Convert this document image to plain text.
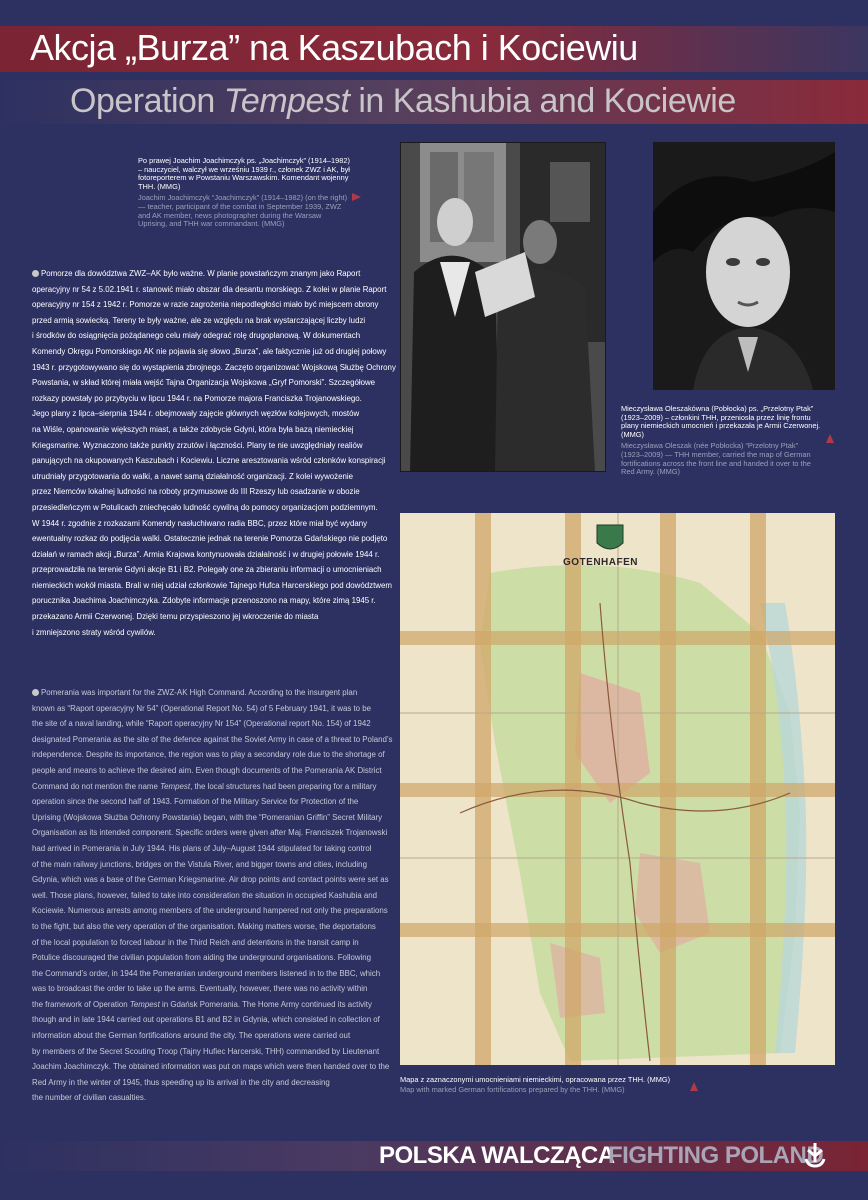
Akcja „Burza” na Kaszubach i Kociewiu
Operation Tempest in Kashubia and Kociewie
Po prawej Joachim Joachimczyk ps. „Joachimczyk” (1914–1982) – nauczyciel, walczył we wrześniu 1939 r., członek ZWZ i AK, był fotoreporterem w Powstaniu Warszawskim. Komendant wojenny THH. (MMG)
Joachim Joachimczyk “Joachimczyk” (1914–1982) (on the right) — teacher, participant of the combat in September 1939, ZWZ and AK member, news photographer during the Warsaw Uprising, and THH war commandant. (MMG)
Mieczysława Oleszakówna (Pobłocka) ps. „Przelotny Ptak” (1923–2009) – członkini THH, przeniosła przez linię frontu plany niemieckich umocnień i przekazała je Armii Czerwonej. (MMG)
Mieczysława Oleszak (née Pobłocka) “Przelotny Ptak” (1923–2009) — THH member, carried the map of German fortifications across the front line and handed it over to the Red Army. (MMG)
Pomorze dla dowództwa ZWZ–AK było ważne. W planie powstańczym znanym jako Raport
operacyjny nr 54 z 5.02.1941 r. stanowić miało obszar dla desantu morskiego. Z kolei w planie Raport
operacyjny nr 154 z 1942 r. Pomorze w razie zagrożenia niepodległości miało być miejscem obrony
przed armią sowiecką. Tereny te były ważne, ale ze względu na brak wystarczającej liczby ludzi
i środków do osiągnięcia pożądanego celu miały odegrać rolę drugoplanową. W dokumentach
Komendy Okręgu Pomorskiego AK nie pojawia się słowo „Burza”, ale faktycznie już od drugiej połowy
1943 r. przygotowywano się do wystąpienia zbrojnego. Zaczęto organizować Wojskową Służbę Ochrony
Powstania, w skład której miała wejść Tajna Organizacja Wojskowa „Gryf Pomorski”. Szczegółowe
rozkazy powstały po przybyciu w lipcu 1944 r. na Pomorze majora Franciszka Trojanowskiego.
Jego plany z lipca–sierpnia 1944 r. obejmowały zajęcie głównych węzłów kolejowych, mostów
na Wiśle, opanowanie większych miast, a także zdobycie Gdyni, która była bazą niemieckiej
Kriegsmarine. Wyznaczono także punkty zrzutów i łączności. Plany te nie uwzględniały realiów
panujących na okupowanych Kaszubach i Kociewiu. Liczne aresztowania wśród członków konspiracji
utrudniały przygotowania do walki, a nawet samą działalność organizacji. Z kolei wywożenie
przez Niemców lokalnej ludności na roboty przymusowe do III Rzeszy lub osadzanie w obozie
przesiedleńczym w Potulicach zniechęcało ludność cywilną do pomocy organizacjom podziemnym.
W 1944 r. zgodnie z rozkazami Komendy nasłuchiwano radia BBC, przez które miał być wydany
ewentualny rozkaz do podjęcia walki. Ostatecznie jednak na terenie Pomorza Gdańskiego nie podjęto
działań w ramach akcji „Burza”. Armia Krajowa kontynuowała działalność i w drugiej połowie 1944 r.
przeprowadziła na terenie Gdyni akcje B1 i B2. Polegały one za zbieraniu informacji o umocnieniach
niemieckich wokół miasta. Brali w niej udział członkowie Tajnego Hufca Harcerskiego pod dowództwem
porucznika Joachima Joachimczyka. Zdobyte informacje przenoszono na mapy, które zimą 1945 r.
przekazano Armii Czerwonej. Dzięki temu przyspieszono jej wkroczenie do miasta
i zmniejszono straty wśród cywilów.
Pomerania was important for the ZWZ-AK High Command. According to the insurgent plan
known as “Raport operacyjny Nr 54” (Operational Report No. 54) of 5 February 1941, it was to be
the site of a naval landing, while “Raport operacyjny Nr 154” (Operational report No. 154) of 1942
designated Pomerania as the site of the defence against the Soviet Army in case of a threat to Poland’s
independence. Despite its importance, the region was to play a secondary role due to the shortage of
people and means to achieve the desired aim. Even though documents of the Pomerania AK District
Command do not mention the name Tempest, the local structures had been preparing for a military
operation since the second half of 1943. Formation of the Military Service for Protection of the
Uprising (Wojskowa Służba Ochrony Powstania) began, with the “Pomeranian Griffin” Secret Military
Organisation as its intended component. Specific orders were given after Maj. Franciszek Trojanowski
had arrived in Pomerania in July 1944. His plans of July–August 1944 stipulated for taking control
of the main railway junctions, bridges on the Vistula River, and bigger towns and cities, including
Gdynia, which was a base of the German Kriegsmarine. Air drop points and contact points were set as
well. Those plans, however, failed to take into consideration the situation in occupied Kashubia and
Kociewie. Numerous arrests among members of the underground hampered not only the preparations
to the fight, but also the very operation of the organisation. Making matters worse, the deportations
of the local population to forced labour in the Third Reich and detentions in the transit camp in
Potulice discouraged the civilian population from aiding the underground organisations. Following
the Command’s order, in 1944 the Pomeranian underground members listened in to the BBC, which
was to broadcast the order to take up the arms. Eventually, however, there was no activity within
the framework of Operation Tempest in Gdańsk Pomerania. The Home Army continued its activity
though and in late 1944 carried out operations B1 and B2 in Gdynia, which consisted in collection of
information about the German fortifications around the city. The operations were carried out
by members of the Secret Scouting Troop (Tajny Hufiec Harcerski, THH) commanded by Lieutenant
Joachim Joachimczyk. The obtained information was put on maps which were then handed over to the
Red Army in the winter of 1945, thus speeding up its arrival in the city and decreasing
the number of civilian casualties.
GOTENHAFEN
Mapa z zaznaczonymi umocnieniami niemieckimi, opracowana przez THH. (MMG)
Map with marked German fortifications prepared by the THH. (MMG)
POLSKA WALCZĄCA
FIGHTING POLAND
